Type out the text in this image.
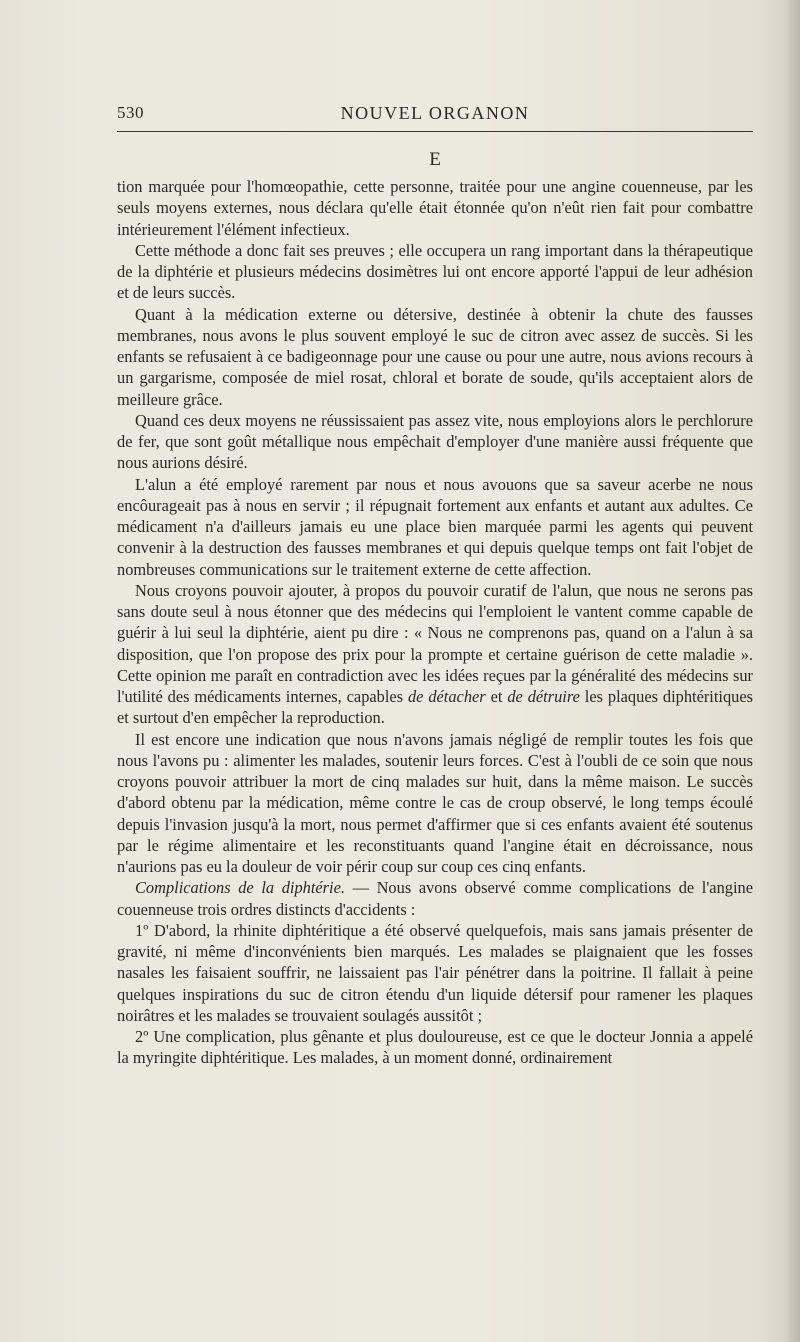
530	NOUVEL ORGANON
E

tion marquée pour l'homœopathie, cette personne, traitée pour une angine couenneuse, par les seuls moyens externes, nous déclara qu'elle était étonnée qu'on n'eût rien fait pour combattre intérieurement l'élément infectieux.

Cette méthode a donc fait ses preuves ; elle occupera un rang important dans la thérapeutique de la diphtérie et plusieurs médecins dosimètres lui ont encore apporté l'appui de leur adhésion et de leurs succès.

Quant à la médication externe ou détersive, destinée à obtenir la chute des fausses membranes, nous avons le plus souvent employé le suc de citron avec assez de succès. Si les enfants se refusaient à ce badigeonnage pour une cause ou pour une autre, nous avions recours à un gargarisme, composée de miel rosat, chloral et borate de soude, qu'ils acceptaient alors de meilleure grâce.

Quand ces deux moyens ne réussissaient pas assez vite, nous employions alors le perchlorure de fer, que sont goût métallique nous empêchait d'employer d'une manière aussi fréquente que nous aurions désiré.

L'alun a été employé rarement par nous et nous avouons que sa saveur acerbe ne nous encôurageait pas à nous en servir ; il répugnait fortement aux enfants et autant aux adultes. Ce médicament n'a d'ailleurs jamais eu une place bien marquée parmi les agents qui peuvent convenir à la destruction des fausses membranes et qui depuis quelque temps ont fait l'objet de nombreuses communications sur le traitement externe de cette affection.

Nous croyons pouvoir ajouter, à propos du pouvoir curatif de l'alun, que nous ne serons pas sans doute seul à nous étonner que des médecins qui l'emploient le vantent comme capable de guérir à lui seul la diphtérie, aient pu dire : « Nous ne comprenons pas, quand on a l'alun à sa disposition, que l'on propose des prix pour la prompte et certaine guérison de cette maladie ». Cette opinion me paraît en contradiction avec les idées reçues par la généralité des médecins sur l'utilité des médicaments internes, capables de détacher et de détruire les plaques diphtéritiques et surtout d'en empêcher la reproduction.

Il est encore une indication que nous n'avons jamais négligé de remplir toutes les fois que nous l'avons pu : alimenter les malades, soutenir leurs forces. C'est à l'oubli de ce soin que nous croyons pouvoir attribuer la mort de cinq malades sur huit, dans la même maison. Le succès d'abord obtenu par la médication, même contre le cas de croup observé, le long temps écoulé depuis l'invasion jusqu'à la mort, nous permet d'affirmer que si ces enfants avaient été soutenus par le régime alimentaire et les reconstituants quand l'angine était en décroissance, nous n'aurions pas eu la douleur de voir périr coup sur coup ces cinq enfants.

Complications de la diphtérie. — Nous avons observé comme complications de l'angine couenneuse trois ordres distincts d'accidents :

1º D'abord, la rhinite diphtéritique a été observé quelquefois, mais sans jamais présenter de gravité, ni même d'inconvénients bien marqués. Les malades se plaignaient que les fosses nasales les faisaient souffrir, ne laissaient pas l'air pénétrer dans la poitrine. Il fallait à peine quelques inspirations du suc de citron étendu d'un liquide détersif pour ramener les plaques noirâtres et les malades se trouvaient soulagés aussitôt ;

2º Une complication, plus gênante et plus douloureuse, est ce que le docteur Jonnia a appelé la myringite diphtéritique. Les malades, à un moment donné, ordinairement
